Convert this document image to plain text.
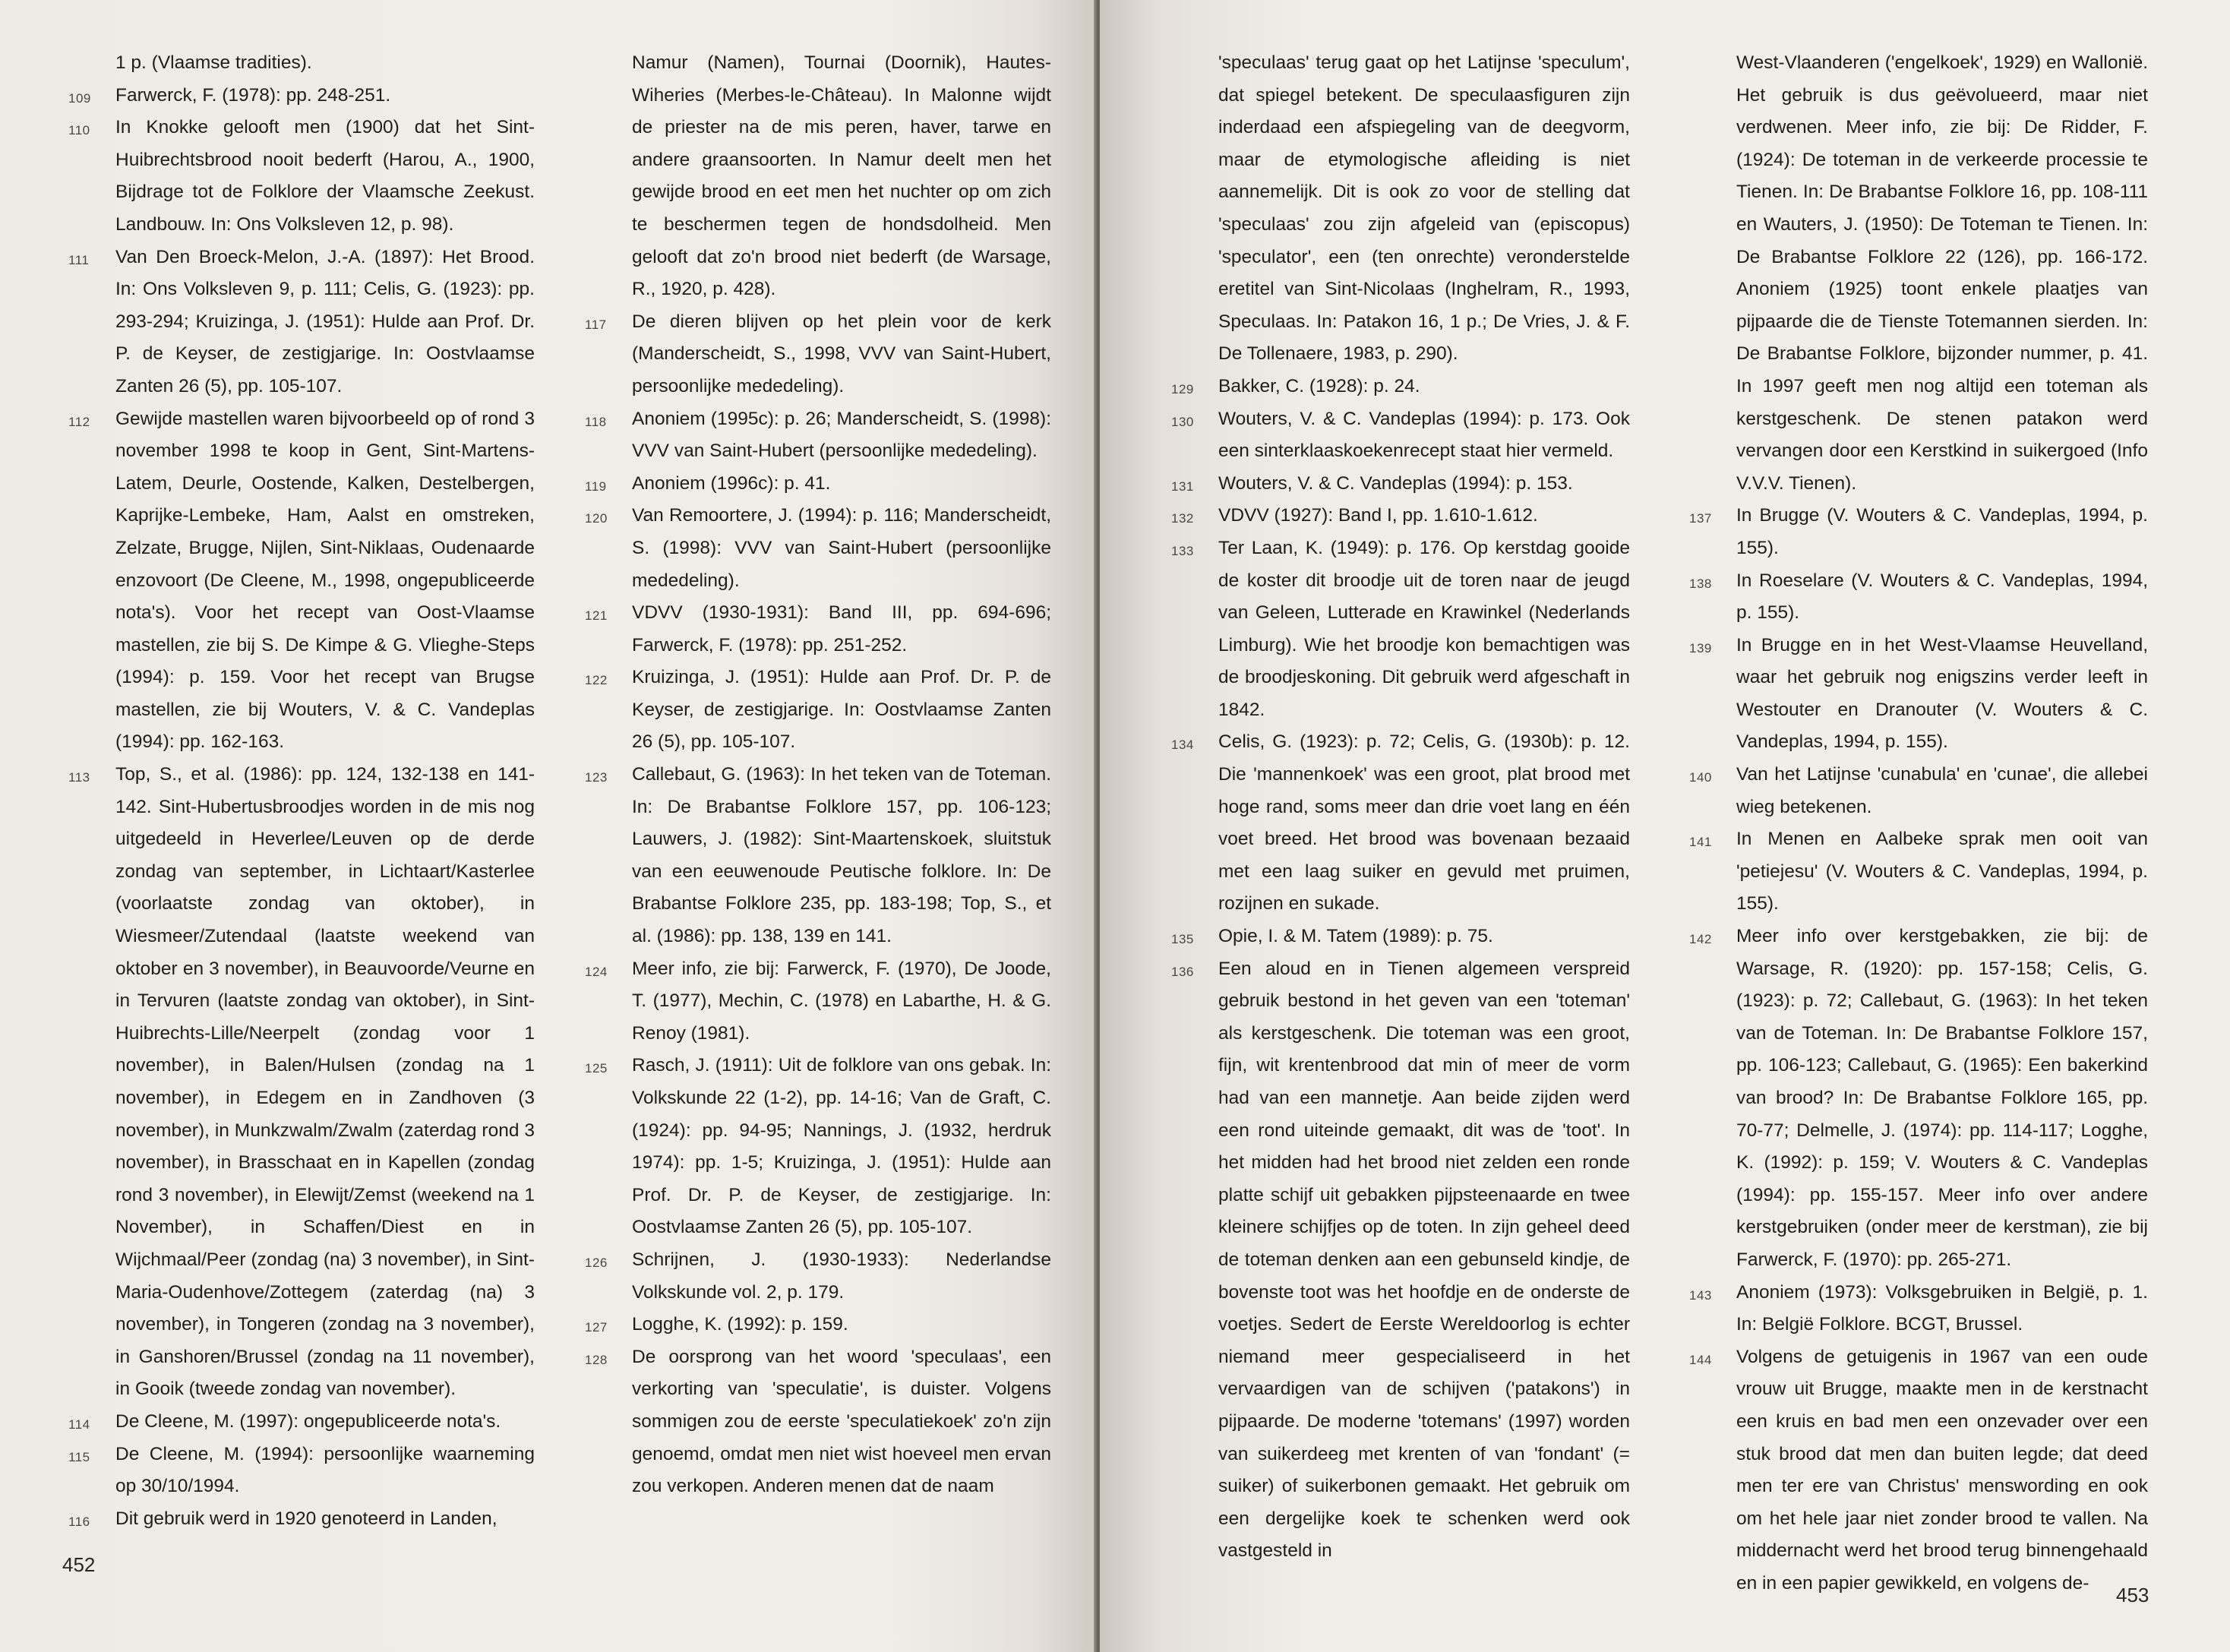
1 p. (Vlaamse tradities).

109 Farwerck, F. (1978): pp. 248-251.

110 In Knokke gelooft men (1900) dat het Sint-Huibrechtsbrood nooit bederft (Harou, A., 1900, Bijdrage tot de Folklore der Vlaamsche Zeekust. Landbouw. In: Ons Volksleven 12, p. 98).

111 Van Den Broeck-Melon, J.-A. (1897): Het Brood. In: Ons Volksleven 9, p. 111; Celis, G. (1923): pp. 293-294; Kruizinga, J. (1951): Hulde aan Prof. Dr. P. de Keyser, de zestigjarige. In: Oostvlaamse Zanten 26 (5), pp. 105-107.

112 Gewijde mastellen waren bijvoorbeeld op of rond 3 november 1998 te koop in Gent, Sint-Martens-Latem, Deurle, Oostende, Kalken, Destelbergen, Kaprijke-Lembeke, Ham, Aalst en omstreken, Zelzate, Brugge, Nijlen, Sint-Niklaas, Oudenaarde enzovoort (De Cleene, M., 1998, ongepubliceerde nota's). Voor het recept van Oost-Vlaamse mastellen, zie bij S. De Kimpe & G. Vlieghe-Steps (1994): p. 159. Voor het recept van Brugse mastellen, zie bij Wouters, V. & C. Vandeplas (1994): pp. 162-163.

113 Top, S., et al. (1986): pp. 124, 132-138 en 141-142. Sint-Hubertusbroodjes worden in de mis nog uitgedeeld in Heverlee/Leuven op de derde zondag van september, in Lichtaart/Kasterlee (voorlaatste zondag van oktober), in Wiesmeer/Zutendaal (laatste weekend van oktober en 3 november), in Beauvoorde/Veurne en in Tervuren (laatste zondag van oktober), in Sint-Huibrechts-Lille/Neerpelt (zondag voor 1 november), in Balen/Hulsen (zondag na 1 november), in Edegem en in Zandhoven (3 november), in Munkzwalm/Zwalm (zaterdag rond 3 november), in Brasschaat en in Kapellen (zondag rond 3 november), in Elewijt/Zemst (weekend na 1 November), in Schaffen/Diest en in Wijchmaal/Peer (zondag (na) 3 november), in Sint-Maria-Oudenhove/Zottegem (zaterdag (na) 3 november), in Tongeren (zondag na 3 november), in Ganshoren/Brussel (zondag na 11 november), in Gooik (tweede zondag van november).

114 De Cleene, M. (1997): ongepubliceerde nota's.

115 De Cleene, M. (1994): persoonlijke waarneming op 30/10/1994.

116 Dit gebruik werd in 1920 genoteerd in Landen,

Namur (Namen), Tournai (Doornik), Hautes-Wiheries (Merbes-le-Château). In Malonne wijdt de priester na de mis peren, haver, tarwe en andere graansoorten. In Namur deelt men het gewijde brood en eet men het nuchter op om zich te beschermen tegen de hondsdolheid. Men gelooft dat zo'n brood niet bederft (de Warsage, R., 1920, p. 428).

117 De dieren blijven op het plein voor de kerk (Manderscheidt, S., 1998, VVV van Saint-Hubert, persoonlijke mededeling).

118 Anoniem (1995c): p. 26; Manderscheidt, S. (1998): VVV van Saint-Hubert (persoonlijke mededeling).

119 Anoniem (1996c): p. 41.

120 Van Remoortere, J. (1994): p. 116; Manderscheidt, S. (1998): VVV van Saint-Hubert (persoonlijke mededeling).

121 VDVV (1930-1931): Band III, pp. 694-696; Farwerck, F. (1978): pp. 251-252.

122 Kruizinga, J. (1951): Hulde aan Prof. Dr. P. de Keyser, de zestigjarige. In: Oostvlaamse Zanten 26 (5), pp. 105-107.

123 Callebaut, G. (1963): In het teken van de Toteman. In: De Brabantse Folklore 157, pp. 106-123; Lauwers, J. (1982): Sint-Maartenskoek, sluitstuk van een eeuwenoude Peutische folklore. In: De Brabantse Folklore 235, pp. 183-198; Top, S., et al. (1986): pp. 138, 139 en 141.

124 Meer info, zie bij: Farwerck, F. (1970), De Joode, T. (1977), Mechin, C. (1978) en Labarthe, H. & G. Renoy (1981).

125 Rasch, J. (1911): Uit de folklore van ons gebak. In: Volkskunde 22 (1-2), pp. 14-16; Van de Graft, C. (1924): pp. 94-95; Nannings, J. (1932, herdruk 1974): pp. 1-5; Kruizinga, J. (1951): Hulde aan Prof. Dr. P. de Keyser, de zestigjarige. In: Oostvlaamse Zanten 26 (5), pp. 105-107.

126 Schrijnen, J. (1930-1933): Nederlandse Volkskunde vol. 2, p. 179.

127 Logghe, K. (1992): p. 159.

128 De oorsprong van het woord 'speculaas', een verkorting van 'speculatie', is duister. Volgens sommigen zou de eerste 'speculatiekoek' zo'n zijn genoemd, omdat men niet wist hoeveel men ervan zou verkopen. Anderen menen dat de naam

452

'speculaas' terug gaat op het Latijnse 'speculum', dat spiegel betekent. De speculaasfiguren zijn inderdaad een afspiegeling van de deegvorm, maar de etymologische afleiding is niet aannemelijk. Dit is ook zo voor de stelling dat 'speculaas' zou zijn afgeleid van (episcopus) 'speculator', een (ten onrechte) veronderstelde eretitel van Sint-Nicolaas (Inghelram, R., 1993, Speculaas. In: Patakon 16, 1 p.; De Vries, J. & F. De Tollenaere, 1983, p. 290).

129 Bakker, C. (1928): p. 24.

130 Wouters, V. & C. Vandeplas (1994): p. 173. Ook een sinterklaaskoekenrecept staat hier vermeld.

131 Wouters, V. & C. Vandeplas (1994): p. 153.

132 VDVV (1927): Band I, pp. 1.610-1.612.

133 Ter Laan, K. (1949): p. 176. Op kerstdag gooide de koster dit broodje uit de toren naar de jeugd van Geleen, Lutterade en Krawinkel (Nederlands Limburg). Wie het broodje kon bemachtigen was de broodjeskoning. Dit gebruik werd afgeschaft in 1842.

134 Celis, G. (1923): p. 72; Celis, G. (1930b): p. 12. Die 'mannenkoek' was een groot, plat brood met hoge rand, soms meer dan drie voet lang en één voet breed. Het brood was bovenaan bezaaid met een laag suiker en gevuld met pruimen, rozijnen en sukade.

135 Opie, I. & M. Tatem (1989): p. 75.

136 Een aloud en in Tienen algemeen verspreid gebruik bestond in het geven van een 'toteman' als kerstgeschenk. Die toteman was een groot, fijn, wit krentenbrood dat min of meer de vorm had van een mannetje. Aan beide zijden werd een rond uiteinde gemaakt, dit was de 'toot'. In het midden had het brood niet zelden een ronde platte schijf uit gebakken pijpsteenaarde en twee kleinere schijfjes op de toten. In zijn geheel deed de toteman denken aan een gebunseld kindje, de bovenste toot was het hoofdje en de onderste de voetjes. Sedert de Eerste Wereldoorlog is echter niemand meer gespecialiseerd in het vervaardigen van de schijven ('patakons') in pijpaarde. De moderne 'totemans' (1997) worden van suikerdeeg met krenten of van 'fondant' (= suiker) of suikerbonen gemaakt. Het gebruik om een dergelijke koek te schenken werd ook vastgesteld in

West-Vlaanderen ('engelkoek', 1929) en Wallonië. Het gebruik is dus geëvolueerd, maar niet verdwenen. Meer info, zie bij: De Ridder, F. (1924): De toteman in de verkeerde processie te Tienen. In: De Brabantse Folklore 16, pp. 108-111 en Wauters, J. (1950): De Toteman te Tienen. In: De Brabantse Folklore 22 (126), pp. 166-172. Anoniem (1925) toont enkele plaatjes van pijpaarde die de Tienste Totemannen sierden. In: De Brabantse Folklore, bijzonder nummer, p. 41. In 1997 geeft men nog altijd een toteman als kerstgeschenk. De stenen patakon werd vervangen door een Kerstkind in suikergoed (Info V.V.V. Tienen).

137 In Brugge (V. Wouters & C. Vandeplas, 1994, p. 155).

138 In Roeselare (V. Wouters & C. Vandeplas, 1994, p. 155).

139 In Brugge en in het West-Vlaamse Heuvelland, waar het gebruik nog enigszins verder leeft in Westouter en Dranouter (V. Wouters & C. Vandeplas, 1994, p. 155).

140 Van het Latijnse 'cunabula' en 'cunae', die allebei wieg betekenen.

141 In Menen en Aalbeke sprak men ooit van 'petiejesu' (V. Wouters & C. Vandeplas, 1994, p. 155).

142 Meer info over kerstgebakken, zie bij: de Warsage, R. (1920): pp. 157-158; Celis, G. (1923): p. 72; Callebaut, G. (1963): In het teken van de Toteman. In: De Brabantse Folklore 157, pp. 106-123; Callebaut, G. (1965): Een bakerkind van brood? In: De Brabantse Folklore 165, pp. 70-77; Delmelle, J. (1974): pp. 114-117; Logghe, K. (1992): p. 159; V. Wouters & C. Vandeplas (1994): pp. 155-157. Meer info over andere kerstgebruiken (onder meer de kerstman), zie bij Farwerck, F. (1970): pp. 265-271.

143 Anoniem (1973): Volksgebruiken in België, p. 1. In: België Folklore. BCGT, Brussel.

144 Volgens de getuigenis in 1967 van een oude vrouw uit Brugge, maakte men in de kerstnacht een kruis en bad men een onzevader over een stuk brood dat men dan buiten legde; dat deed men ter ere van Christus' menswording en ook om het hele jaar niet zonder brood te vallen. Na middernacht werd het brood terug binnengehaald en in een papier gewikkeld, en volgens de-

453
